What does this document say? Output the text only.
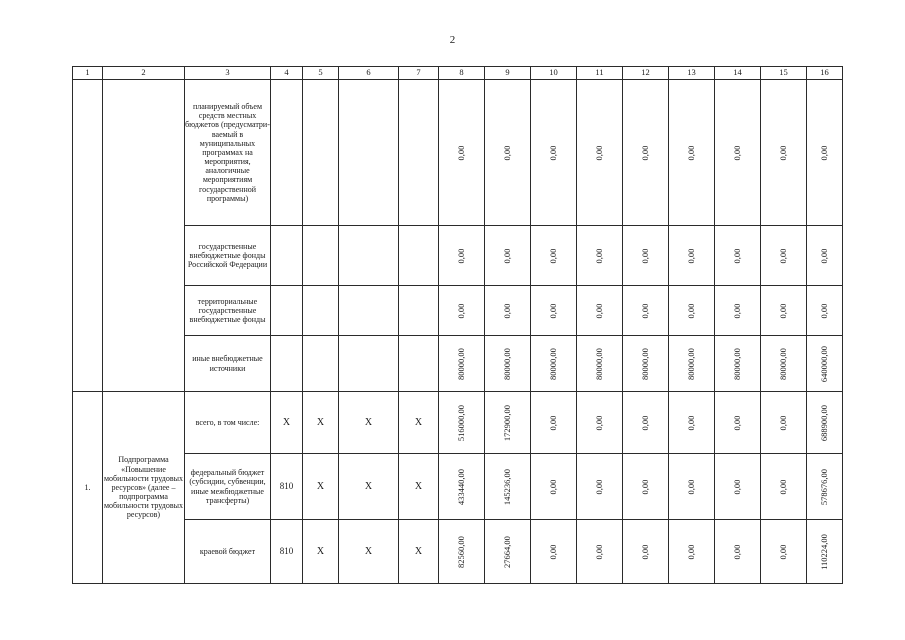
2
1	2	3	4	5	6	7	8	9	10	11	12	13	14	15	16
		планируемый объем средств местных бюджетов (предусматри-ваемый в муниципальных программах на мероприятия, аналогичные мероприятиям государственной программы)					0,00	0,00	0,00	0,00	0,00	0,00	0,00	0,00	0,00

		государственные внебюджетные фонды Российской Федерации					0,00	0,00	0,00	0,00	0,00	0,00	0,00	0,00	0,00

		территориальные государственные внебюджетные фонды					0,00	0,00	0,00	0,00	0,00	0,00	0,00	0,00	0,00

		иные внебюджетные источники					80000,00	80000,00	80000,00	80000,00	80000,00	80000,00	80000,00	80000,00	640000,00

1.	Подпрограмма «Повышение мобильности трудовых ресурсов» (далее – подпрограмма мобильности трудовых ресурсов)	всего, в том числе:	Х	Х	Х	Х	516000,00	172900,00	0,00	0,00	0,00	0,00	0,00	0,00	688900,00

		федеральный бюджет (субсидии, субвенции, иные межбюджетные трансферты)	810	Х	Х	Х	433440,00	145236,00	0,00	0,00	0,00	0,00	0,00	0,00	578676,00

		краевой бюджет	810	Х	Х	Х	82560,00	27664,00	0,00	0,00	0,00	0,00	0,00	0,00	110224,00
